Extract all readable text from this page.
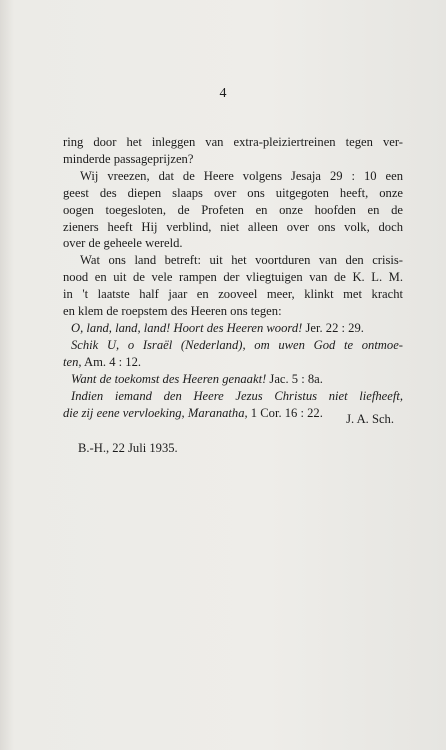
4

ring door het inleggen van extra-pleiziertreinen tegen ver-
minderde passageprijzen?

Wij vreezen, dat de Heere volgens Jesaja 29 : 10 een
geest des diepen slaaps over ons uitgegoten heeft, onze
oogen toegesloten, de Profeten en onze hoofden en de
zieners heeft Hij verblind, niet alleen over ons volk, doch
over de geheele wereld.

Wat ons land betreft: uit het voortduren van den crisis-
nood en uit de vele rampen der vliegtuigen van de K. L. M.
in 't laatste half jaar en zooveel meer, klinkt met kracht
en klem de roepstem des Heeren ons tegen:

O, land, land, land! Hoort des Heeren woord! Jer. 22 : 29.

Schik U, o Israël (Nederland), om uwen God te ontmoe-
ten, Am. 4 : 12.

Want de toekomst des Heeren genaakt! Jac. 5 : 8a.

Indien iemand den Heere Jezus Christus niet liefheeft,
die zij eene vervloeking, Maranatha, 1 Cor. 16 : 22.	J. A. Sch.
B.-H., 22 Juli 1935.
